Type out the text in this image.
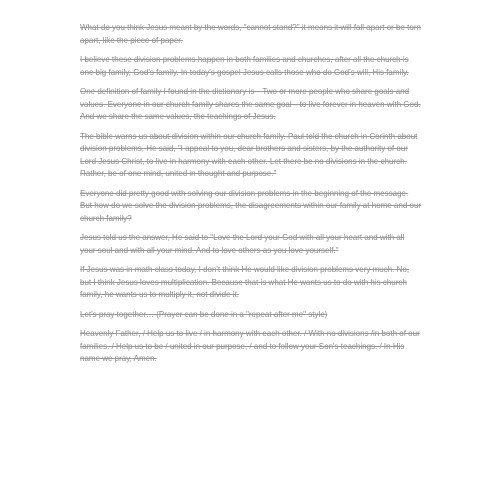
What do you think Jesus meant by the words, "cannot stand?" it means it will fall apart or be torn apart, like the piece of paper.

I believe these division problems happen in both families and churches, after all the church is one big family, God's family. In today's gospel Jesus calls those who do God's will, His family.

One definition of family I found in the dictionary is—Two or more people who share goals and values. Everyone in our church family shares the same goal—to live forever in heaven with God. And we share the same values, the teachings of Jesus.

The bible warns us about division within our church family. Paul told the church in Corinth about division problems, He said, "I appeal to you, dear brothers and sisters, by the authority of our Lord Jesus Christ, to live in harmony with each other. Let there be no divisions in the church. Rather, be of one mind, united in thought and purpose."

Everyone did pretty good with solving our division problems in the beginning of the message. But how do we solve the division problems, the disagreements within our family at home and our church family?

Jesus told us the answer, He said to "Love the Lord your God with all your heart and with all your soul and with all your mind. And to love others as you love yourself."

If Jesus was in math class today, I don't think He would like division problems very much. No, but I think Jesus loves multiplication. Because that is what He wants us to do with his church family, he wants us to multiply it, not divide it.

Let's pray together… (Prayer can be done in a "repeat after me" style)

Heavenly Father, / Help us to live / in harmony with each other. / With no divisions /in both of our families. / Help us to be / united in our purpose, / and to follow your Son's teachings. / In His name we pray, Amen.
